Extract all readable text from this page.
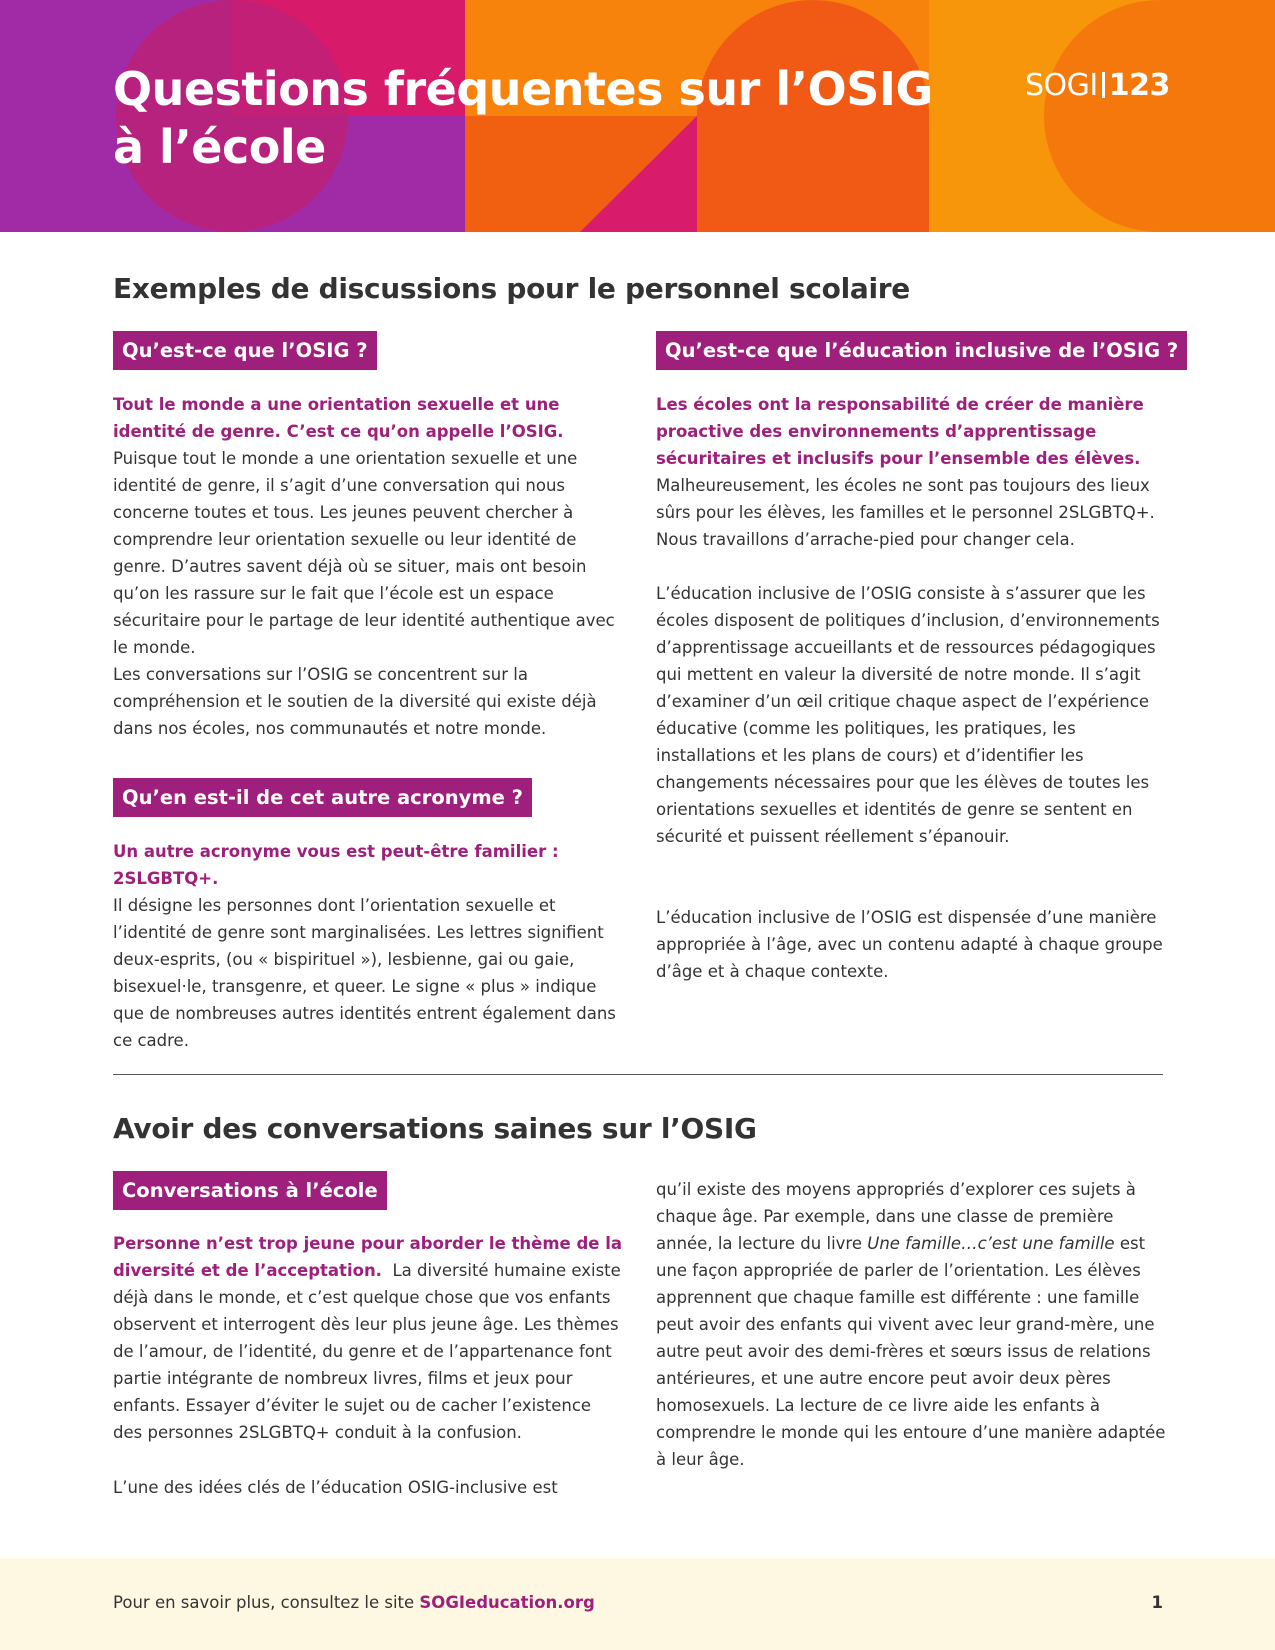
Questions fréquentes sur l’OSIG à l’école
SOGI 123
Exemples de discussions pour le personnel scolaire
Qu’est-ce que l’OSIG ?

Tout le monde a une orientation sexuelle et une identité de genre. C’est ce qu’on appelle l’OSIG.  Puisque tout le monde a une orientation sexuelle et une identité de genre, il s’agit d’une conversation qui nous concerne toutes et tous. Les jeunes peuvent chercher à comprendre leur orientation sexuelle ou leur identité de genre. D’autres savent déjà où se situer, mais ont besoin qu’on les rassure sur le fait que l’école est un espace sécuritaire pour le partage de leur identité authentique avec le monde.

Les conversations sur l’OSIG se concentrent sur la compréhension et le soutien de la diversité qui existe déjà dans nos écoles, nos communautés et notre monde.

Qu’en est-il de cet autre acronyme ?

Un autre acronyme vous est peut-être familier : 2SLGBTQ+.
Il désigne les personnes dont l’orientation sexuelle et l’identité de genre sont marginalisées. Les lettres signifient deux-esprits, (ou « bispirituel »), lesbienne, gai ou gaie, bisexuel·le, transgenre, et queer. Le signe « plus » indique que de nombreuses autres identités entrent également dans ce cadre.

Qu’est-ce que l’éducation inclusive de l’OSIG ?

Les écoles ont la responsabilité de créer de manière proactive des environnements d’apprentissage sécuritaires et inclusifs pour l’ensemble des élèves.
Malheureusement, les écoles ne sont pas toujours des lieux sûrs pour les élèves, les familles et le personnel 2SLGBTQ+. Nous travaillons d’arrache-pied pour changer cela.

L’éducation inclusive de l’OSIG consiste à s’assurer que les écoles disposent de politiques d’inclusion, d’environnements d’apprentissage accueillants et de ressources pédagogiques qui mettent en valeur la diversité de notre monde. Il s’agit d’examiner d’un œil critique chaque aspect de l’expérience éducative (comme les politiques, les pratiques, les installations et les plans de cours) et d’identifier les changements nécessaires pour que les élèves de toutes les orientations sexuelles et identités de genre se sentent en sécurité et puissent réellement s’épanouir.

L’éducation inclusive de l’OSIG est dispensée d’une manière appropriée à l’âge, avec un contenu adapté à chaque groupe d’âge et à chaque contexte.

Avoir des conversations saines sur l’OSIG
Conversations à l’école

Personne n’est trop jeune pour aborder le thème de la diversité et de l’acceptation. La diversité humaine existe déjà dans le monde, et c’est quelque chose que vos enfants observent et interrogent dès leur plus jeune âge. Les thèmes de l’amour, de l’identité, du genre et de l’appartenance font partie intégrante de nombreux livres, films et jeux pour enfants. Essayer d’éviter le sujet ou de cacher l’existence des personnes 2SLGBTQ+ conduit à la confusion.

L’une des idées clés de l’éducation OSIG-inclusive est

qu’il existe des moyens appropriés d’explorer ces sujets à chaque âge. Par exemple, dans une classe de première année, la lecture du livre Une famille…c’est une famille est une façon appropriée de parler de l’orientation. Les élèves apprennent que chaque famille est différente : une famille peut avoir des enfants qui vivent avec leur grand-mère, une autre peut avoir des demi-frères et sœurs issus de relations antérieures, et une autre encore peut avoir deux pères homosexuels. La lecture de ce livre aide les enfants à comprendre le monde qui les entoure d’une manière adaptée à leur âge.

Pour en savoir plus, consultez le site SOGIeducation.org	1
